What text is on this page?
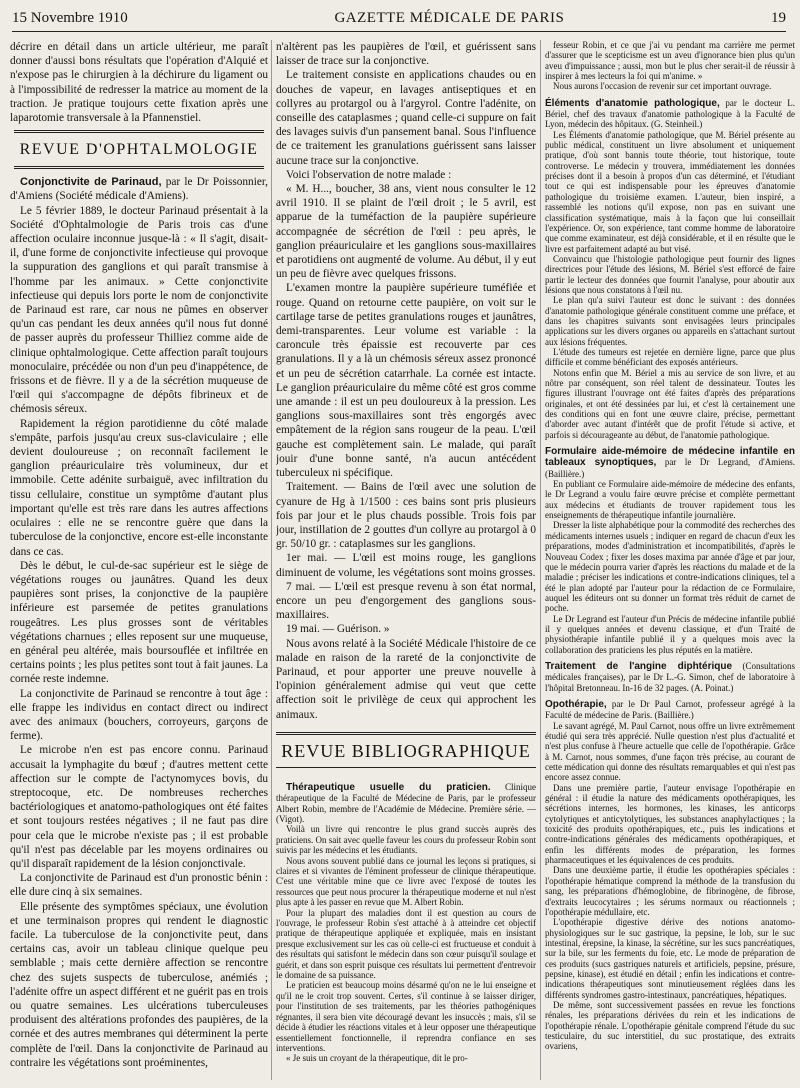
15 Novembre 1910	GAZETTE MÉDICALE DE PARIS	19

décrire en détail dans un article ultérieur, me paraît donner d'aussi bons résultats que l'opération d'Alquié et n'expose pas le chirurgien à la déchirure du ligament ou à l'impossibilité de redresser la matrice au moment de la traction. Je pratique toujours cette fixation après une laparotomie transversale à la Pfannenstiel.

REVUE D'OPHTALMOLOGIE

Conjonctivite de Parinaud, par le Dr Poissonnier, d'Amiens (Société médicale d'Amiens).

Le 5 février 1889, le docteur Parinaud présentait à la Société d'Ophtalmologie de Paris trois cas d'une affection oculaire inconnue jusque-là : « Il s'agit, disait-il, d'une forme de conjonctivite infectieuse qui provoque la suppuration des ganglions et qui paraît transmise à l'homme par les animaux. » Cette conjonctivite infectieuse qui depuis lors porte le nom de conjonctivite de Parinaud est rare, car nous ne pûmes en observer qu'un cas pendant les deux années qu'il nous fut donné de passer auprès du professeur Thilliez comme aide de clinique ophtalmologique. Cette affection paraît toujours monoculaire, précédée ou non d'un peu d'inappétence, de frissons et de fièvre. Il y a de la sécrétion muqueuse de l'œil qui s'accompagne de dépôts fibrineux et de chémosis séreux.

Rapidement la région parotidienne du côté malade s'empâte, parfois jusqu'au creux sus-claviculaire ; elle devient douloureuse ; on reconnaît facilement le ganglion préauriculaire très volumineux, dur et immobile. Cette adénite surbaiguë, avec infiltration du tissu cellulaire, constitue un symptôme d'autant plus important qu'elle est très rare dans les autres affections oculaires : elle ne se rencontre guère que dans la tuberculose de la conjonctive, encore est-elle inconstante dans ce cas.

Dès le début, le cul-de-sac supérieur est le siège de végétations rouges ou jaunâtres. Quand les deux paupières sont prises, la conjonctive de la paupière inférieure est parsemée de petites granulations rougeâtres. Les plus grosses sont de véritables végétations charnues ; elles reposent sur une muqueuse, en général peu altérée, mais boursouflée et infiltrée en certains points ; les plus petites sont tout à fait jaunes. La cornée reste indemne.

La conjonctivite de Parinaud se rencontre à tout âge : elle frappe les individus en contact direct ou indirect avec des animaux (bouchers, corroyeurs, garçons de ferme).

Le microbe n'en est pas encore connu. Parinaud accusait la lymphagite du bœuf ; d'autres mettent cette affection sur le compte de l'actynomyces bovis, du streptocoque, etc. De nombreuses recherches bactériologiques et anatomo-pathologiques ont été faites et sont toujours restées négatives ; il ne faut pas dire pour cela que le microbe n'existe pas ; il est probable qu'il n'est pas décelable par les moyens ordinaires ou qu'il disparaît rapidement de la lésion conjonctivale.

La conjonctivite de Parinaud est d'un pronostic bénin : elle dure cinq à six semaines.

Elle présente des symptômes spéciaux, une évolution et une terminaison propres qui rendent le diagnostic facile. La tuberculose de la conjonctivite peut, dans certains cas, avoir un tableau clinique quelque peu semblable ; mais cette dernière affection se rencontre chez des sujets suspects de tuberculose, anémiés ; l'adénite offre un aspect différent et ne guérit pas en trois ou quatre semaines. Les ulcérations tuberculeuses produisent des altérations profondes des paupières, de la cornée et des autres membranes qui déterminent la perte complète de l'œil. Dans la conjonctivite de Parinaud au contraire les végétations sont proéminentes,

n'altèrent pas les paupières de l'œil, et guérissent sans laisser de trace sur la conjonctive.

Le traitement consiste en applications chaudes ou en douches de vapeur, en lavages antiseptiques et en collyres au protargol ou à l'argyrol. Contre l'adénite, on conseille des cataplasmes ; quand celle-ci suppure on fait des lavages suivis d'un pansement banal. Sous l'influence de ce traitement les granulations guérissent sans laisser aucune trace sur la conjonctive.

Voici l'observation de notre malade :

« M. H..., boucher, 38 ans, vient nous consulter le 12 avril 1910. Il se plaint de l'œil droit ; le 5 avril, est apparue de la tuméfaction de la paupière supérieure accompagnée de sécrétion de l'œil : peu après, le ganglion préauriculaire et les ganglions sous-maxillaires et parotidiens ont augmenté de volume. Au début, il y eut un peu de fièvre avec quelques frissons.

L'examen montre la paupière supérieure tuméfiée et rouge. Quand on retourne cette paupière, on voit sur le cartilage tarse de petites granulations rouges et jaunâtres, demi-transparentes. Leur volume est variable : la caroncule très épaissie est recouverte par ces granulations. Il y a là un chémosis séreux assez prononcé et un peu de sécrétion catarrhale. La cornée est intacte. Le ganglion préauriculaire du même côté est gros comme une amande : il est un peu douloureux à la pression. Les ganglions sous-maxillaires sont très engorgés avec empâtement de la région sans rougeur de la peau. L'œil gauche est complètement sain. Le malade, qui paraît jouir d'une bonne santé, n'a aucun antécédent tuberculeux ni spécifique.

Traitement. — Bains de l'œil avec une solution de cyanure de Hg à 1/1500 : ces bains sont pris plusieurs fois par jour et le plus chauds possible. Trois fois par jour, instillation de 2 gouttes d'un collyre au protargol à 0 gr. 50/10 gr. : cataplasmes sur les ganglions.

1er mai. — L'œil est moins rouge, les ganglions diminuent de volume, les végétations sont moins grosses.

7 mai. — L'œil est presque revenu à son état normal, encore un peu d'engorgement des ganglions sous-maxillaires.

19 mai. — Guérison. »

Nous avons relaté à la Société Médicale l'histoire de ce malade en raison de la rareté de la conjonctivite de Parinaud, et pour apporter une preuve nouvelle à l'opinion généralement admise qui veut que cette affection soit le privilège de ceux qui approchent les animaux.

REVUE BIBLIOGRAPHIQUE

Thérapeutique usuelle du praticien. Clinique thérapeutique de la Faculté de Médecine de Paris, par le professeur Albert Robin, membre de l'Académie de Médecine. Première série. — (Vigot).

Voilà un livre qui rencontre le plus grand succès auprès des praticiens. On sait avec quelle faveur les cours du professeur Robin sont suivis par les médecins et les étudiants.

Nous avons souvent publié dans ce journal les leçons si pratiques, si claires et si vivantes de l'éminent professeur de clinique thérapeutique. C'est une véritable mine que ce livre avec l'exposé de toutes les ressources que peut nous procurer la thérapeutique moderne et nul n'est plus apte à les passer en revue que M. Albert Robin.

Pour la plupart des maladies dont il est question au cours de l'ouvrage, le professeur Robin s'est attaché à à atteindre cet objectif pratique de thérapeutique appliquée et expliquée, mais en insistant presque exclusivement sur les cas où celle-ci est fructueuse et conduit à des résultats qui satisfont le médecin dans son cœur puisqu'il soulage et guérit, et dans son esprit puisque ces résultats lui permettent d'entrevoir le domaine de sa puissance.

Le praticien est beaucoup moins désarmé qu'on ne le lui enseigne et qu'il ne le croit trop souvent. Certes, s'il continue à se laisser diriger, pour l'institution de ses traitements, par les théories pathogéniques régnantes, il sera bien vite découragé devant les insuccès ; mais, s'il se décide à étudier les réactions vitales et à leur opposer une thérapeutique essentiellement fonctionnelle, il reprendra confiance en ses interventions.

« Je suis un croyant de la thérapeutique, dit le pro-

fesseur Robin, et ce que j'ai vu pendant ma carrière me permet d'assurer que le scepticisme est un aveu d'ignorance bien plus qu'un aveu d'impuissance ; aussi, mon but le plus cher serait-il de réussir à inspirer à mes lecteurs la foi qui m'anime. »

Nous aurons l'occasion de revenir sur cet important ouvrage.

Éléments d'anatomie pathologique, par le docteur L. Bériel, chef des travaux d'anatomie pathologique à la Faculté de Lyon, médecin des hôpitaux. (G. Steinheil.)

Les Éléments d'anatomie pathologique, que M. Bériel présente au public médical, constituent un livre absolument et uniquement pratique, d'où sont bannis toute théorie, tout historique, toute controverse. Le médecin y trouvera, immédiatement les données précises dont il a besoin à propos d'un cas déterminé, et l'étudiant tout ce qui est indispensable pour les épreuves d'anatomie pathologique du troisième examen. L'auteur, bien inspiré, a rassemblé les notions qu'il expose, non pas en suivant une classification systématique, mais à la façon que lui conseillait l'expérience. Or, son expérience, tant comme homme de laboratoire que comme examinateur, est déjà considérable, et il en résulte que le livre est parfaitement adapté au but visé.

Convaincu que l'histologie pathologique peut fournir des lignes directrices pour l'étude des lésions, M. Bériel s'est efforcé de faire partir le lecteur des données que fournit l'analyse, pour aboutir aux lésions que nous constatons à l'œil nu.

Le plan qu'a suivi l'auteur est donc le suivant : des données d'anatomie pathologique générale constituent comme une préface, et dans les chapitres suivants sont envisagées leurs principales applications sur les divers organes ou appareils en s'attachant surtout aux lésions fréquentes.

L'étude des tumeurs est rejetée en dernière ligne, parce que plus difficile et comme bénéficiant des exposés antérieurs.

Notons enfin que M. Bériel a mis au service de son livre, et au nôtre par conséquent, son réel talent de dessinateur. Toutes les figures illustrant l'ouvrage ont été faites d'après des préparations originales, et ont été dessinées par lui, et c'est là certainement une des conditions qui en font une œuvre claire, précise, permettant d'aborder avec autant d'intérêt que de profit l'étude si active, et parfois si décourageante au début, de l'anatomie pathologique.

Formulaire aide-mémoire de médecine infantile en tableaux synoptiques, par le Dr Legrand, d'Amiens. (Baillière.)

En publiant ce Formulaire aide-mémoire de médecine des enfants, le Dr Legrand a voulu faire œuvre précise et complète permettant aux médecins et étudiants de trouver rapidement tous les enseignements de thérapeutique infantile journalière.

Dresser la liste alphabétique pour la commodité des recherches des médicaments internes usuels ; indiquer en regard de chacun d'eux les préparations, modes d'administration et incompatibilités, d'après le Nouveau Codex ; fixer les doses maxima par année d'âge et par jour, que le médecin pourra varier d'après les réactions du malade et de la maladie ; préciser les indications et contre-indications cliniques, tel a été le plan adopté par l'auteur pour la rédaction de ce Formulaire, auquel les éditeurs ont su donner un format très réduit de carnet de poche.

Le Dr Legrand est l'auteur d'un Précis de médecine infantile publié il y quelques années et devenu classique, et d'un Traité de physiothérapie infantile publié il y a quelques mois avec la collaboration des praticiens les plus réputés en la matière.

Traitement de l'angine diphtérique (Consultations médicales françaises), par le Dr L.-G. Simon, chef de laboratoire à l'hôpital Bretonneau. In-16 de 32 pages. (A. Poinat.)

Opothérapie, par le Dr Paul Carnot, professeur agrégé à la Faculté de médecine de Paris. (Baillière.)

Le savant agrégé, M. Paul Carnot, nous offre un livre extrêmement étudié qui sera très apprécié. Nulle question n'est plus d'actualité et n'est plus confuse à l'heure actuelle que celle de l'opothérapie. Grâce à M. Carnot, nous sommes, d'une façon très précise, au courant de cette médication qui donne des résultats remarquables et qui n'est pas encore assez connue.

Dans une première partie, l'auteur envisage l'opothérapie en général : il étudie la nature des médicaments opothérapiques, les sécrétions internes, les hormones, les kinases, les anticorps cytolytiques et anticytolytiques, les substances anaphylactiques ; la toxicité des produits opothérapiques, etc., puis les indications et contre-indications générales des médicaments opothérapiques, et enfin les différents modes de préparation, les formes pharmaceutiques et les équivalences de ces produits.

Dans une deuxième partie, il étudie les opothérapies spéciales : l'opothérapie hématique comprend la méthode de la transfusion du sang, les préparations d'hémoglobine, de fibrinogène, de fibrose, d'extraits leucocytaires ; les sérums normaux ou réactionnels ; l'opothérapie médullaire, etc.

L'opothérapie digestive dérive des notions anatomo-physiologiques sur le suc gastrique, la pepsine, le lob, sur le suc intestinal, érepsine, la kinase, la sécrétine, sur les sucs pancréatiques, sur la bile, sur les ferments du foie, etc. Le mode de préparation de ces produits (sucs gastriques naturels et artificiels, pepsine, présure, pepsine, kinase), est étudié en détail ; enfin les indications et contre-indications thérapeutiques sont minutieusement réglées dans les différents syndromes gastro-intestinaux, pancréatiques, hépatiques.

De même, sont successivement passées en revue les fonctions rénales, les préparations dérivées du rein et les indications de l'opothérapie rénale. L'opothérapie génitale comprend l'étude du suc testiculaire, du suc interstitiel, du suc prostatique, des extraits ovariens,
